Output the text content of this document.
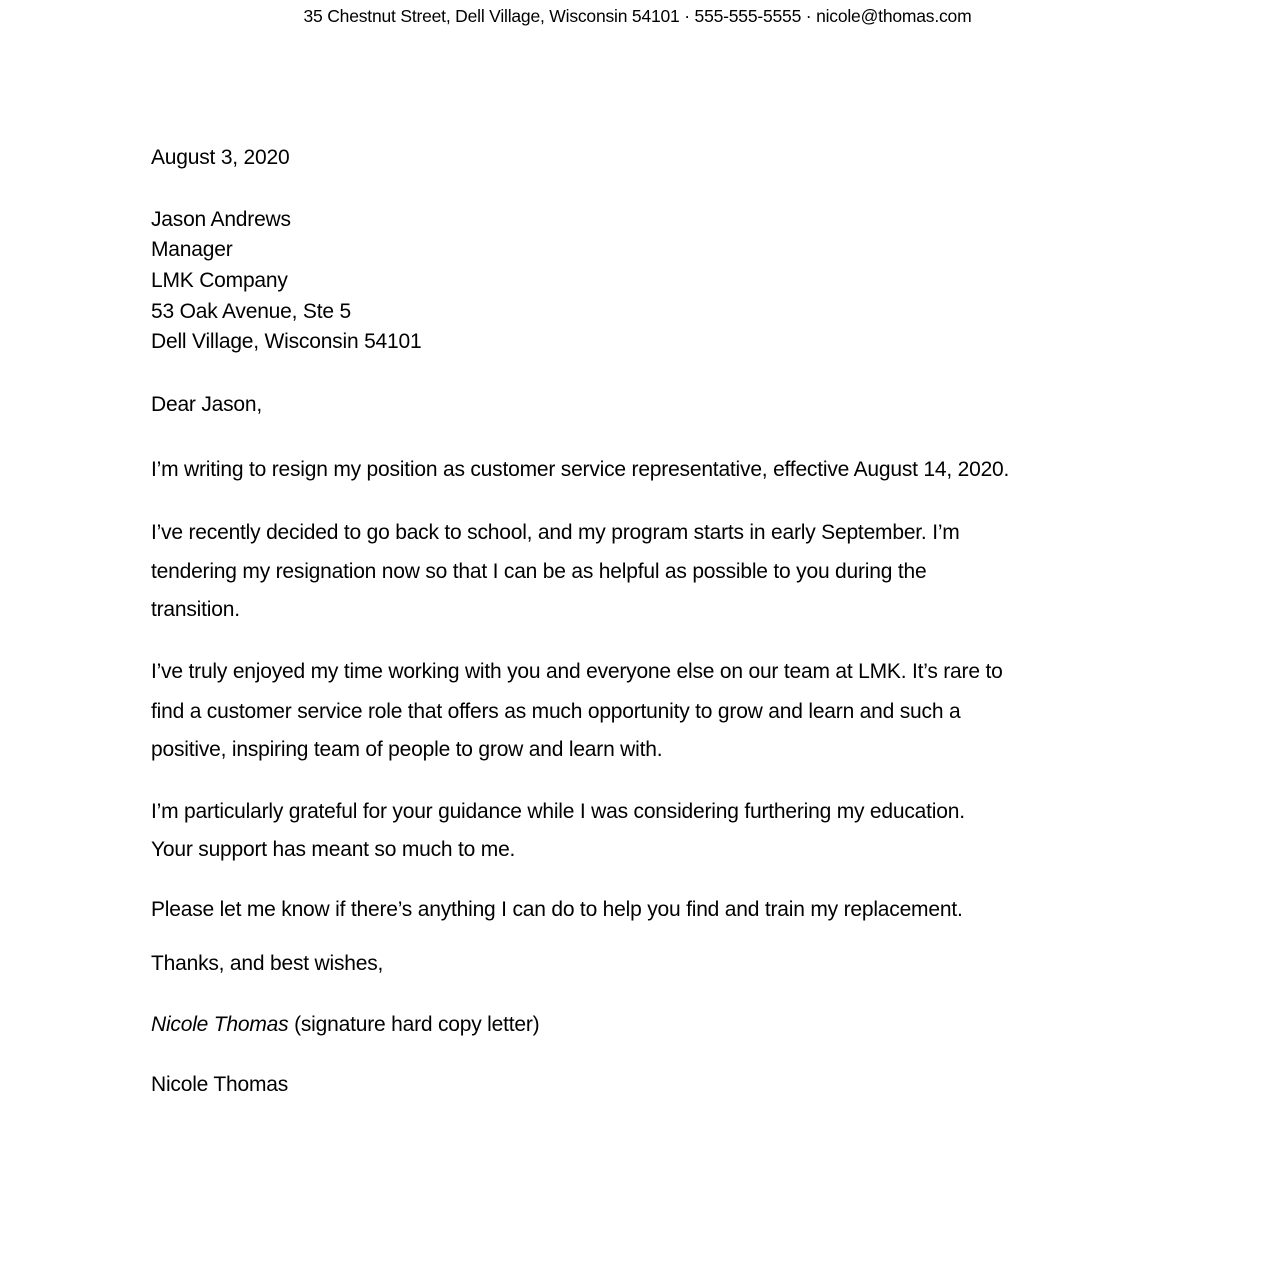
35 Chestnut Street, Dell Village, Wisconsin 54101 · 555-555-5555 · nicole@thomas.com
August 3, 2020
Jason Andrews
Manager
LMK Company
53 Oak Avenue, Ste 5
Dell Village, Wisconsin 54101
Dear Jason,
I’m writing to resign my position as customer service representative, effective August 14, 2020.
I’ve recently decided to go back to school, and my program starts in early September. I’m
tendering my resignation now so that I can be as helpful as possible to you during the
transition.
I’ve truly enjoyed my time working with you and everyone else on our team at LMK. It’s rare to
find a customer service role that offers as much opportunity to grow and learn and such a
positive, inspiring team of people to grow and learn with.
I’m particularly grateful for your guidance while I was considering furthering my education.
Your support has meant so much to me.
Please let me know if there’s anything I can do to help you find and train my replacement.
Thanks, and best wishes,
Nicole Thomas (signature hard copy letter)
Nicole Thomas
